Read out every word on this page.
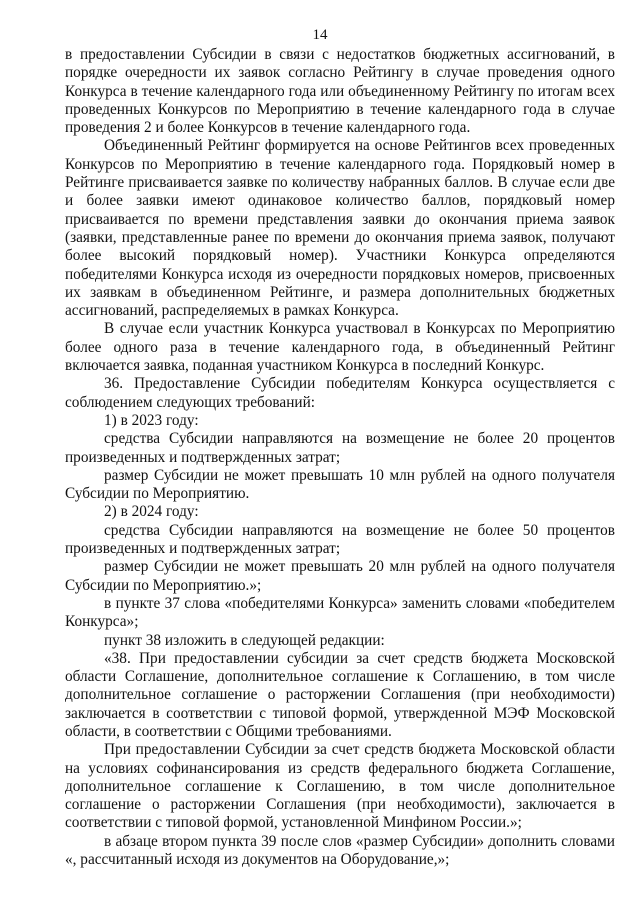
14

в предоставлении Субсидии в связи с недостатков бюджетных ассигнований, в порядке очередности их заявок согласно Рейтингу в случае проведения одного Конкурса в течение календарного года или объединенному Рейтингу по итогам всех проведенных Конкурсов по Мероприятию в течение календарного года в случае проведения 2 и более Конкурсов в течение календарного года.

Объединенный Рейтинг формируется на основе Рейтингов всех проведенных Конкурсов по Мероприятию в течение календарного года. Порядковый номер в Рейтинге присваивается заявке по количеству набранных баллов. В случае если две и более заявки имеют одинаковое количество баллов, порядковый номер присваивается по времени представления заявки до окончания приема заявок (заявки, представленные ранее по времени до окончания приема заявок, получают более высокий порядковый номер). Участники Конкурса определяются победителями Конкурса исходя из очередности порядковых номеров, присвоенных их заявкам в объединенном Рейтинге, и размера дополнительных бюджетных ассигнований, распределяемых в рамках Конкурса.

В случае если участник Конкурса участвовал в Конкурсах по Мероприятию более одного раза в течение календарного года, в объединенный Рейтинг включается заявка, поданная участником Конкурса в последний Конкурс.

36. Предоставление Субсидии победителям Конкурса осуществляется с соблюдением следующих требований:

1) в 2023 году:

средства Субсидии направляются на возмещение не более 20 процентов произведенных и подтвержденных затрат;

размер Субсидии не может превышать 10 млн рублей на одного получателя Субсидии по Мероприятию.

2) в 2024 году:

средства Субсидии направляются на возмещение не более 50 процентов произведенных и подтвержденных затрат;

размер Субсидии не может превышать 20 млн рублей на одного получателя Субсидии по Мероприятию.»;

в пункте 37 слова «победителями Конкурса» заменить словами «победителем Конкурса»;

пункт 38 изложить в следующей редакции:

«38. При предоставлении субсидии за счет средств бюджета Московской области Соглашение, дополнительное соглашение к Соглашению, в том числе дополнительное соглашение о расторжении Соглашения (при необходимости) заключается в соответствии с типовой формой, утвержденной МЭФ Московской области, в соответствии с Общими требованиями.

При предоставлении Субсидии за счет средств бюджета Московской области на условиях софинансирования из средств федерального бюджета Соглашение, дополнительное соглашение к Соглашению, в том числе дополнительное соглашение о расторжении Соглашения (при необходимости), заключается в соответствии с типовой формой, установленной Минфином России.»;

в абзаце втором пункта 39 после слов «размер Субсидии» дополнить словами «, рассчитанный исходя из документов на Оборудование,»;
